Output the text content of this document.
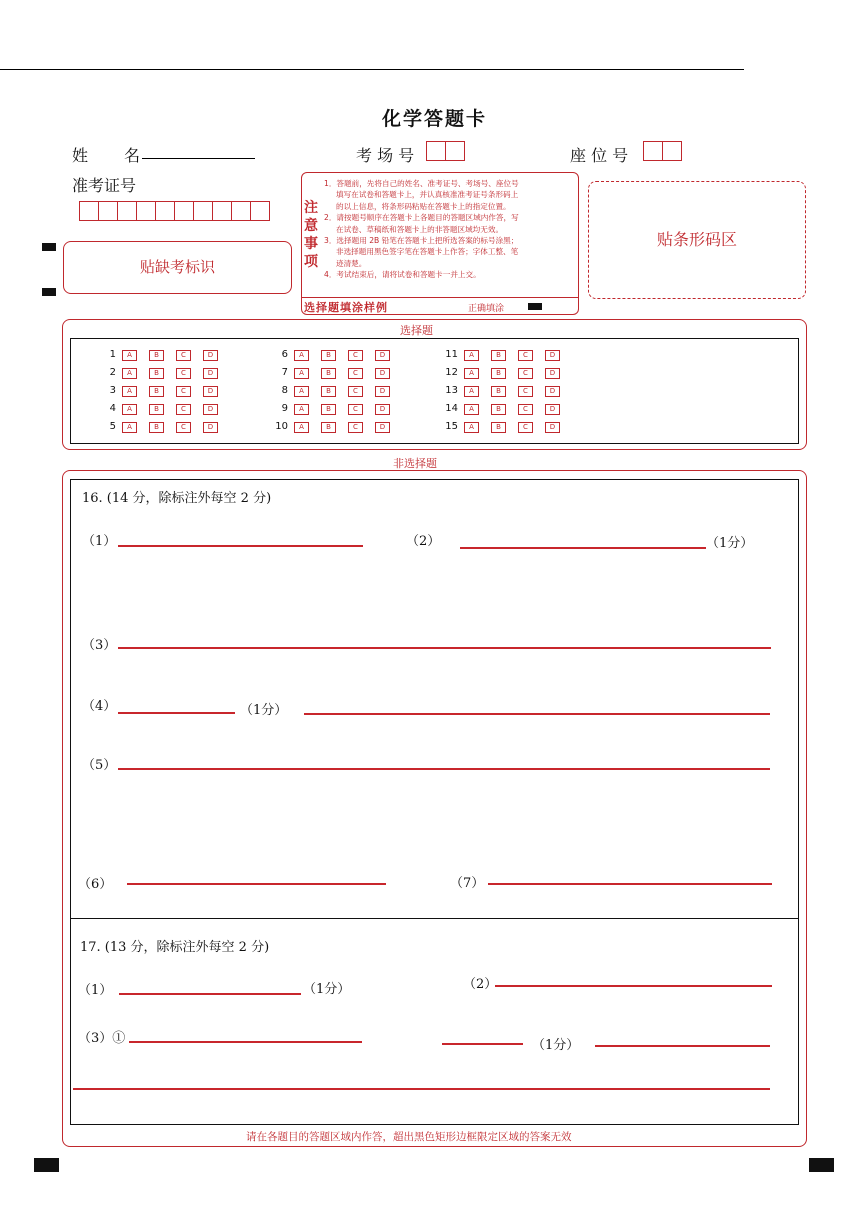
化学答题卡
姓 名	考 场 号	座 位 号
准考证号
贴缺考标识
注
意
事
项
1．答题前，先将自己的姓名、准考证号、考场号、座位号
填写在试卷和答题卡上，并认真核准准考证号条形码上
的以上信息，将条形码粘贴在答题卡上的指定位置。
2．请按题号顺序在答题卡上各题目的答题区域内作答，写
在试卷、草稿纸和答题卡上的非答题区域均无效。
3．选择题用 2B 铅笔在答题卡上把所选答案的标号涂黑；
非选择题用黑色签字笔在答题卡上作答；字体工整、笔
迹清楚。
4．考试结束后，请将试卷和答题卡一并上交。
选择题填涂样例	正确填涂
贴条形码区
选择题
1 A	B	C	D
2 A	B	C	D
3 A	B	C	D
4 A	B	C	D
5 A	B	C	D
6 A	B	C	D
7 A	B	C	D
8 A	B	C	D
9 A	B	C	D
10 A	B	C	D
11 A	B	C	D
12 A	B	C	D
13 A	B	C	D
14 A	B	C	D
15 A	B	C	D
非选择题
16. (14 分，除标注外每空 2 分)
（1）	（2）	（1分）
（3）
（4）	（1分）
（5）
（6）	（7）
17. (13 分，除标注外每空 2 分)
（1）	（1分）	（2）
（3）①	（1分）
请在各题目的答题区域内作答，超出黑色矩形边框限定区域的答案无效
